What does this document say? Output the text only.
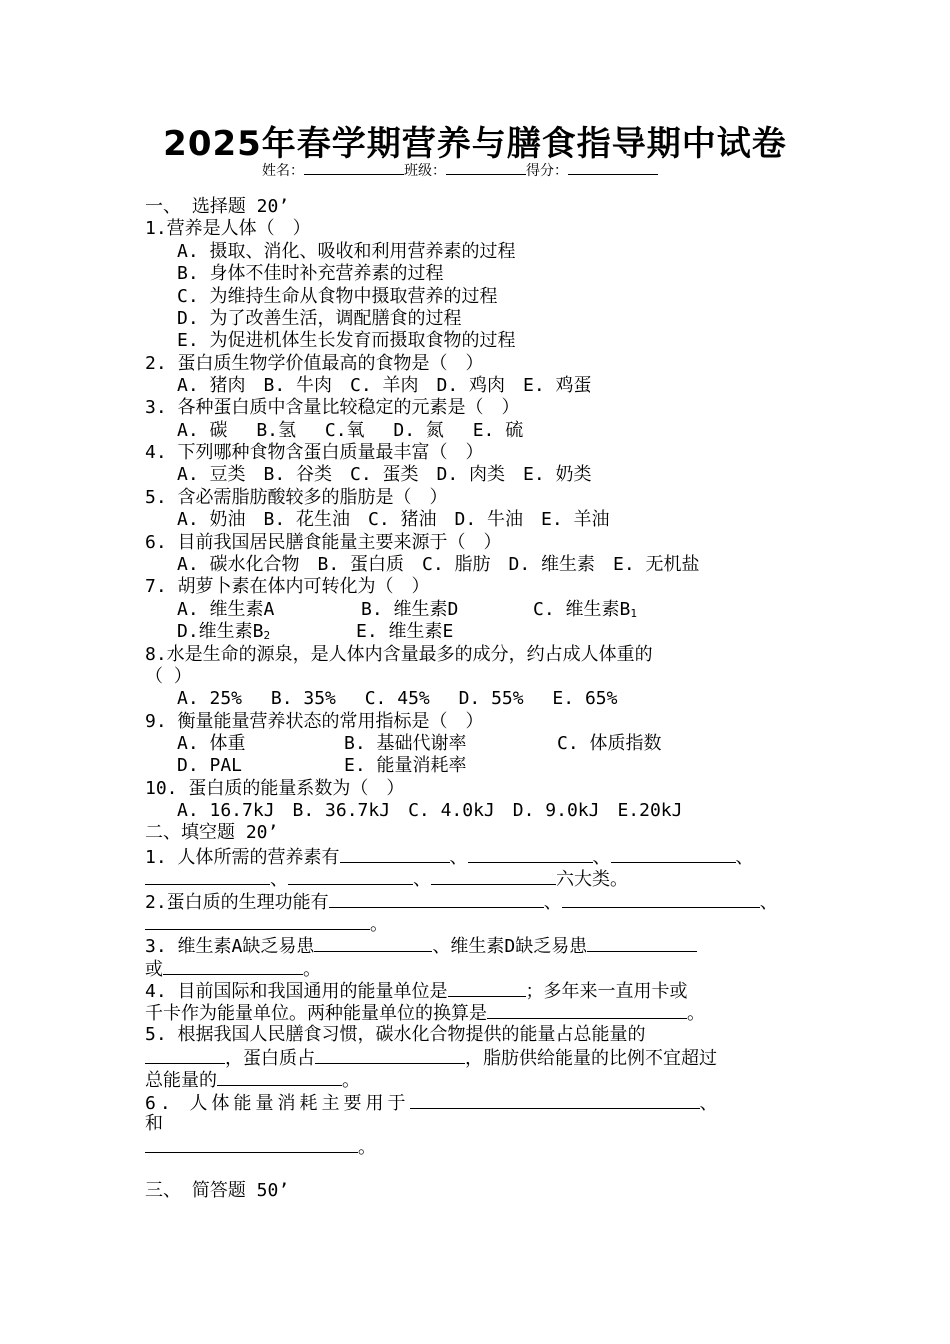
2025年春学期营养与膳食指导期中试卷
姓名：	班级：	得分：
一、 选择题 20’
1.营养是人体（　）
A. 摄取、消化、吸收和利用营养素的过程
B. 身体不佳时补充营养素的过程
C. 为维持生命从食物中摄取营养的过程
D. 为了改善生活，调配膳食的过程
E. 为促进机体生长发育而摄取食物的过程
2. 蛋白质生物学价值最高的食物是（　）
A. 猪肉　B. 牛肉　C. 羊肉　D. 鸡肉　E. 鸡蛋
3. 各种蛋白质中含量比较稳定的元素是（　）
A. 碳　 B.氢　 C.氧　 D. 氮　 E. 硫
4. 下列哪种食物含蛋白质量最丰富（　）
A. 豆类　B. 谷类　C. 蛋类　D. 肉类　E. 奶类
5. 含必需脂肪酸较多的脂肪是（　）
A. 奶油　B. 花生油　C. 猪油　D. 牛油　E. 羊油
6. 目前我国居民膳食能量主要来源于（　）
A. 碳水化合物　B. 蛋白质　C. 脂肪　D. 维生素　E. 无机盐
7. 胡萝卜素在体内可转化为（　）
A. 维生素A	B. 维生素D	C. 维生素$B_1$
D.维生素$B_2$	E. 维生素E
8.水是生命的源泉，是人体内含量最多的成分，约占成人体重的
（ ）
A. 25%　 B. 35%　 C. 45%　 D. 55%　 E. 65%
9. 衡量能量营养状态的常用指标是（　）
A. 体重	B. 基础代谢率	C. 体质指数
D. PAL	E. 能量消耗率
10. 蛋白质的能量系数为（　）
A. 16.7kJ　B. 36.7kJ　C. 4.0kJ　D. 9.0kJ　E.20kJ
二、填空题 20’
1. 人体所需的营养素有	、	、	、
、	、	六大类。
2.蛋白质的生理功能有	、	、
。
3. 维生素A缺乏易患	、维生素D缺乏易患
或	。
4. 目前国际和我国通用的能量单位是	；多年来一直用卡或
千卡作为能量单位。两种能量单位的换算是	。
5. 根据我国人民膳食习惯，碳水化合物提供的能量占总能量的
，蛋白质占	，脂肪供给能量的比例不宜超过
总能量的	。
6. 人体能量消耗主要用于	、
和
。
三、 简答题 50’
